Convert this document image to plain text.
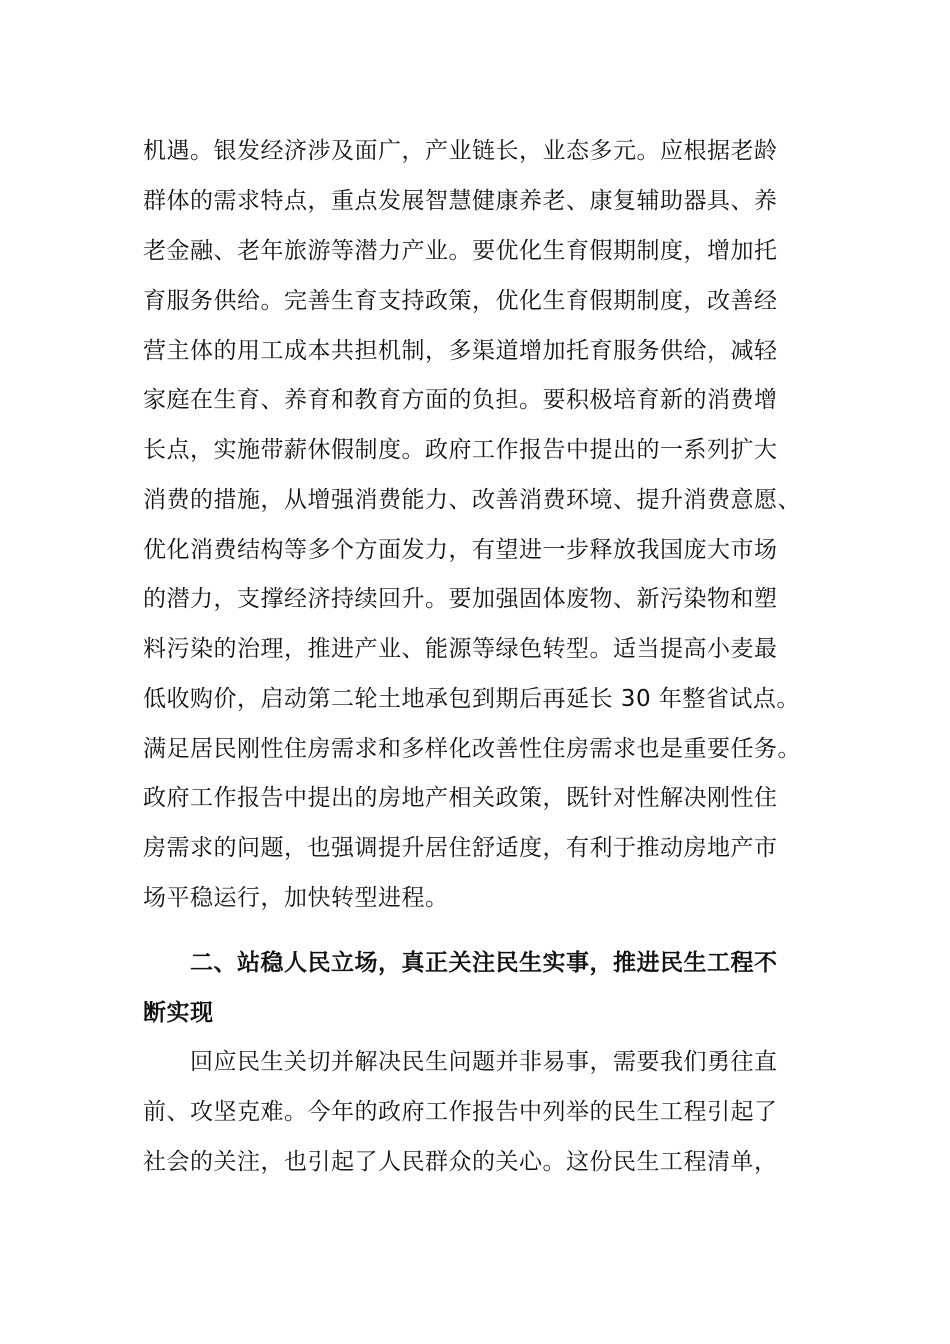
机遇。银发经济涉及面广，产业链长，业态多元。应根据老龄
群体的需求特点，重点发展智慧健康养老、康复辅助器具、养
老金融、老年旅游等潜力产业。要优化生育假期制度，增加托
育服务供给。完善生育支持政策，优化生育假期制度，改善经
营主体的用工成本共担机制，多渠道增加托育服务供给，减轻
家庭在生育、养育和教育方面的负担。要积极培育新的消费增
长点，实施带薪休假制度。政府工作报告中提出的一系列扩大
消费的措施，从增强消费能力、改善消费环境、提升消费意愿、
优化消费结构等多个方面发力，有望进一步释放我国庞大市场
的潜力，支撑经济持续回升。要加强固体废物、新污染物和塑
料污染的治理，推进产业、能源等绿色转型。适当提高小麦最
低收购价，启动第二轮土地承包到期后再延长 30 年整省试点。
满足居民刚性住房需求和多样化改善性住房需求也是重要任务。
政府工作报告中提出的房地产相关政策，既针对性解决刚性住
房需求的问题，也强调提升居住舒适度，有利于推动房地产市
场平稳运行，加快转型进程。
二、站稳人民立场，真正关注民生实事，推进民生工程不
断实现
回应民生关切并解决民生问题并非易事，需要我们勇往直
前、攻坚克难。今年的政府工作报告中列举的民生工程引起了
社会的关注，也引起了人民群众的关心。这份民生工程清单，
